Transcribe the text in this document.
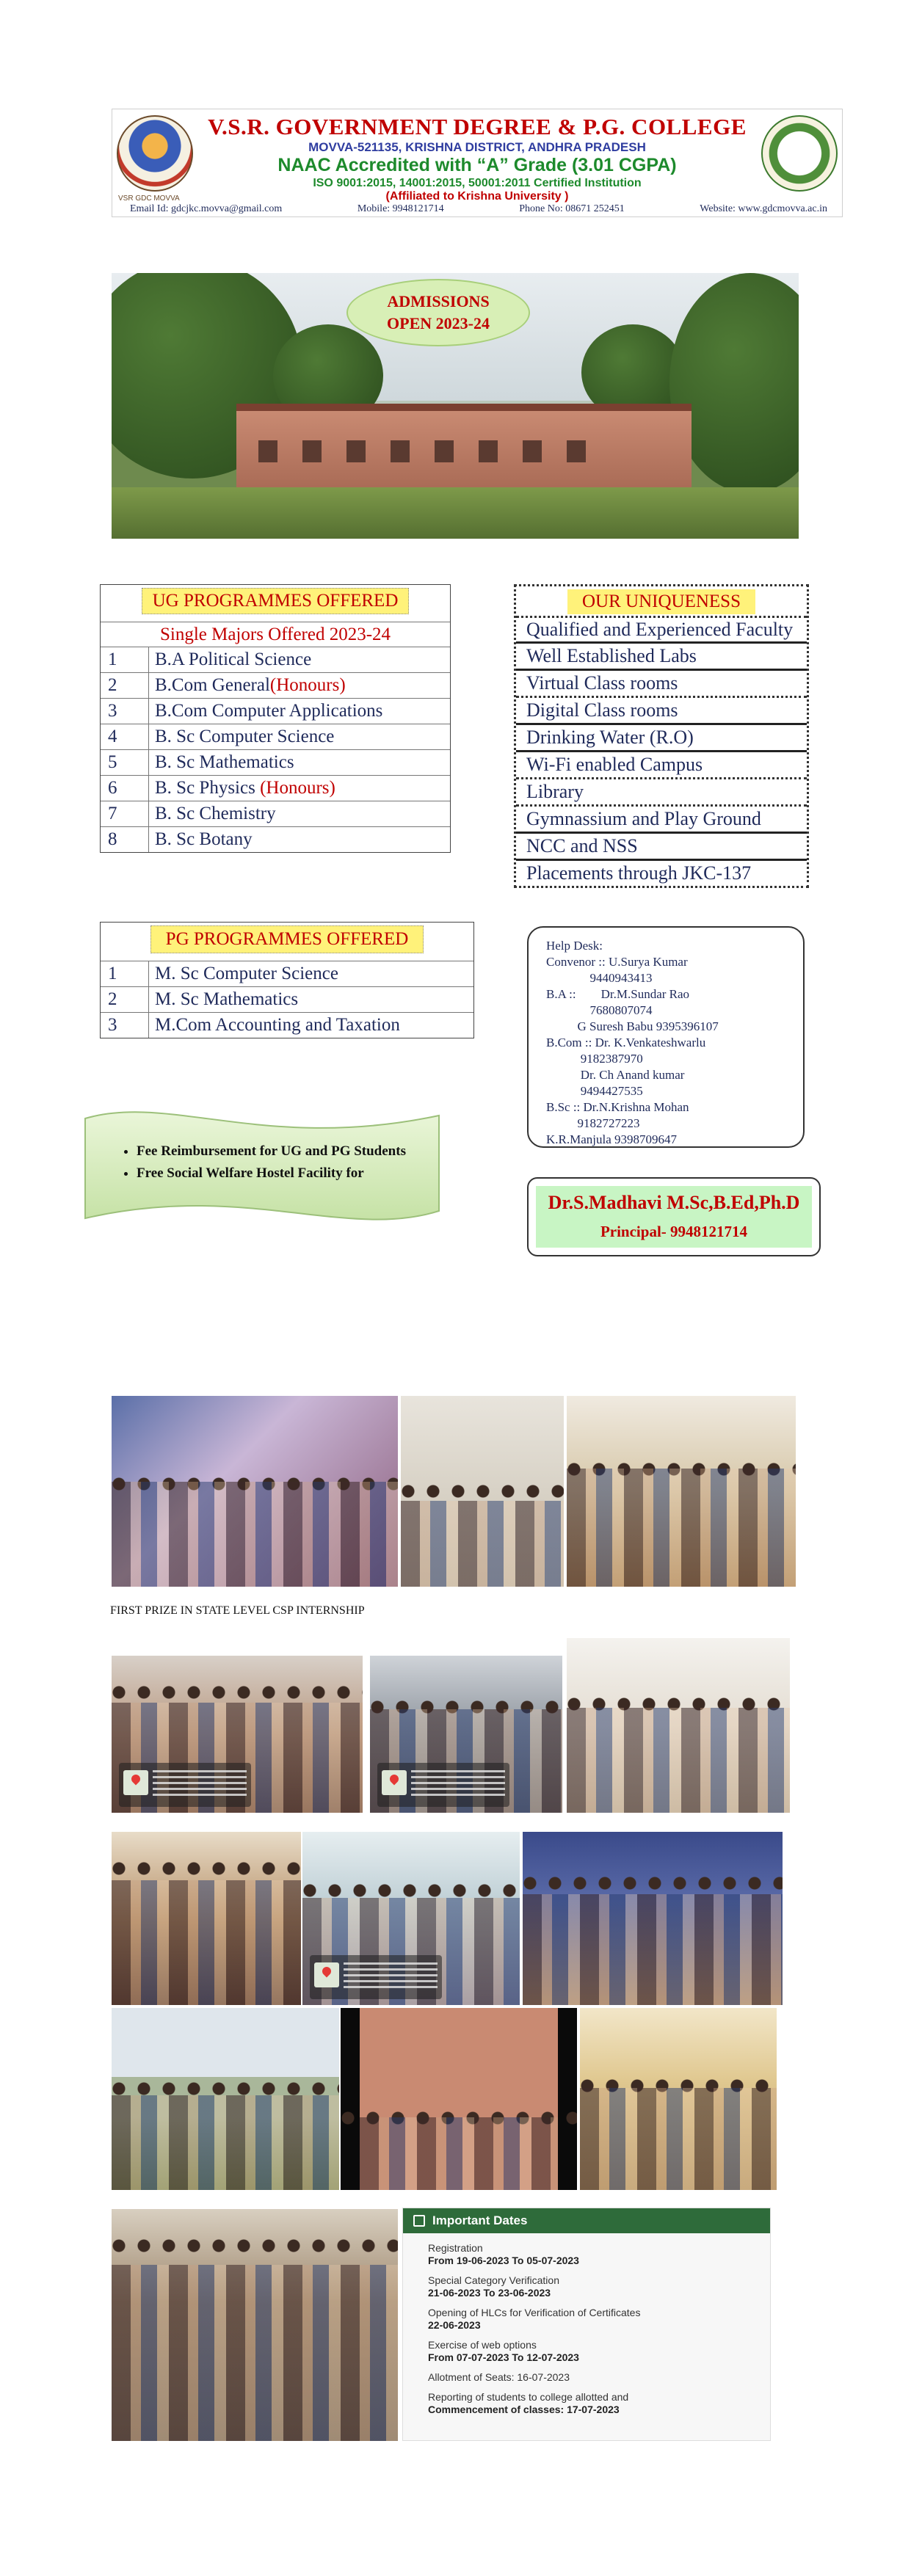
VSR GDC MOVVA
V.S.R. GOVERNMENT DEGREE & P.G. COLLEGE
MOVVA-521135, KRISHNA DISTRICT, ANDHRA PRADESH
NAAC Accredited with “A” Grade (3.01 CGPA)
ISO 9001:2015, 14001:2015, 50001:2011 Certified Institution
(Affiliated to Krishna University )
Email Id: gdcjkc.movva@gmail.com	Mobile: 9948121714	Phone No: 08671 252451	Website: www.gdcmovva.ac.in
ADMISSIONS
OPEN 2023-24
UG PROGRAMMES OFFERED
Single Majors Offered 2023-24
1	B.A Political Science
2	B.Com General(Honours)
3	B.Com Computer Applications
4	B. Sc Computer Science
5	B. Sc Mathematics
6	B. Sc Physics (Honours)
7	B. Sc Chemistry
8	B. Sc Botany
OUR UNIQUENESS
Qualified and Experienced Faculty
Well Established Labs
Virtual Class rooms
Digital Class rooms
Drinking Water (R.O)
Wi-Fi enabled Campus
Library
Gymnassium and Play Ground
NCC and NSS
Placements through JKC-137
PG PROGRAMMES OFFERED
1	M. Sc Computer Science
2	M. Sc Mathematics
3	M.Com Accounting and Taxation
Help Desk:
Convenor :: U.Surya Kumar
9440943413
B.A ::        Dr.M.Sundar Rao
7680807074
G Suresh Babu 9395396107
B.Com :: Dr. K.Venkateshwarlu
9182387970
Dr. Ch Anand kumar
9494427535
B.Sc :: Dr.N.Krishna Mohan
9182727223
K.R.Manjula 9398709647
• Fee Reimbursement for UG and PG Students
• Free Social Welfare Hostel Facility for
Dr.S.Madhavi M.Sc,B.Ed,Ph.D
Principal- 9948121714
FIRST PRIZE IN STATE LEVEL CSP INTERNSHIP
Important Dates
Registration
From 19-06-2023 To 05-07-2023
Special Category Verification
21-06-2023 To 23-06-2023
Opening of HLCs for Verification of Certificates
22-06-2023
Exercise of web options
From 07-07-2023 To 12-07-2023
Allotment of Seats: 16-07-2023
Reporting of students to college allotted and
Commencement of classes: 17-07-2023
